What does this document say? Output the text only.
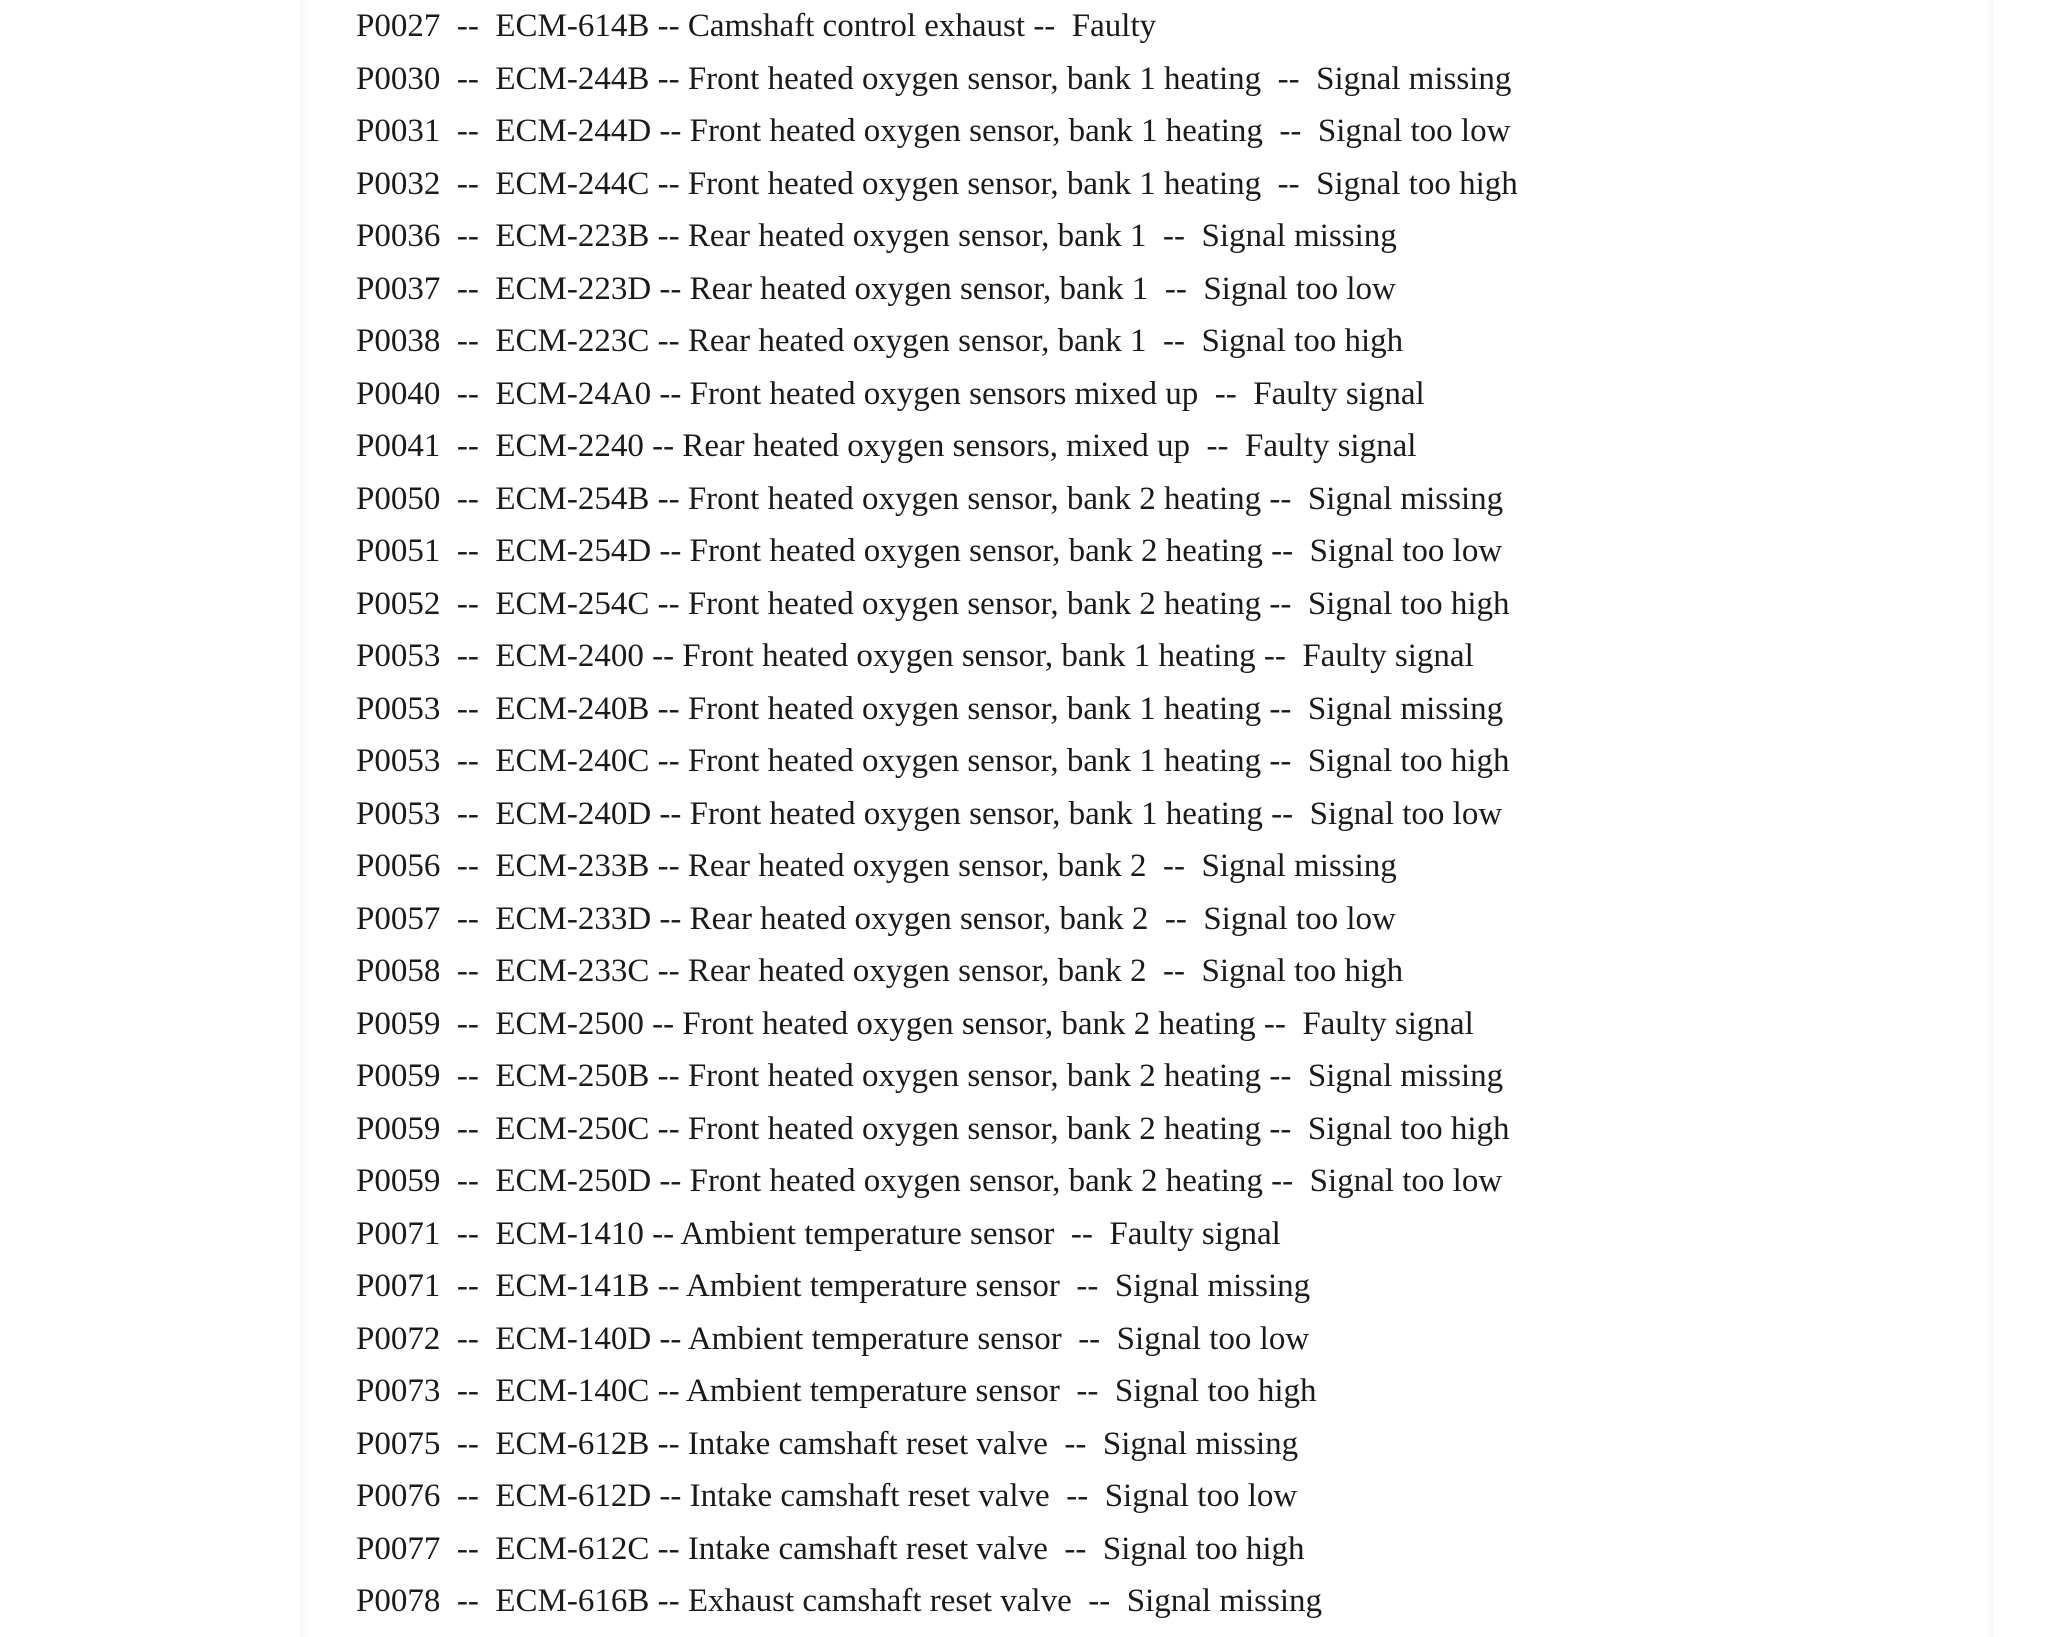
P0027  --  ECM-614B -- Camshaft control exhaust --  Faulty
P0030  --  ECM-244B -- Front heated oxygen sensor, bank 1 heating  --  Signal missing
P0031  --  ECM-244D -- Front heated oxygen sensor, bank 1 heating  --  Signal too low
P0032  --  ECM-244C -- Front heated oxygen sensor, bank 1 heating  --  Signal too high
P0036  --  ECM-223B -- Rear heated oxygen sensor, bank 1  --  Signal missing
P0037  --  ECM-223D -- Rear heated oxygen sensor, bank 1  --  Signal too low
P0038  --  ECM-223C -- Rear heated oxygen sensor, bank 1  --  Signal too high
P0040  --  ECM-24A0 -- Front heated oxygen sensors mixed up  --  Faulty signal
P0041  --  ECM-2240 -- Rear heated oxygen sensors, mixed up  --  Faulty signal
P0050  --  ECM-254B -- Front heated oxygen sensor, bank 2 heating --  Signal missing
P0051  --  ECM-254D -- Front heated oxygen sensor, bank 2 heating --  Signal too low
P0052  --  ECM-254C -- Front heated oxygen sensor, bank 2 heating --  Signal too high
P0053  --  ECM-2400 -- Front heated oxygen sensor, bank 1 heating --  Faulty signal
P0053  --  ECM-240B -- Front heated oxygen sensor, bank 1 heating --  Signal missing
P0053  --  ECM-240C -- Front heated oxygen sensor, bank 1 heating --  Signal too high
P0053  --  ECM-240D -- Front heated oxygen sensor, bank 1 heating --  Signal too low
P0056  --  ECM-233B -- Rear heated oxygen sensor, bank 2  --  Signal missing
P0057  --  ECM-233D -- Rear heated oxygen sensor, bank 2  --  Signal too low
P0058  --  ECM-233C -- Rear heated oxygen sensor, bank 2  --  Signal too high
P0059  --  ECM-2500 -- Front heated oxygen sensor, bank 2 heating --  Faulty signal
P0059  --  ECM-250B -- Front heated oxygen sensor, bank 2 heating --  Signal missing
P0059  --  ECM-250C -- Front heated oxygen sensor, bank 2 heating --  Signal too high
P0059  --  ECM-250D -- Front heated oxygen sensor, bank 2 heating --  Signal too low
P0071  --  ECM-1410 -- Ambient temperature sensor  --  Faulty signal
P0071  --  ECM-141B -- Ambient temperature sensor  --  Signal missing
P0072  --  ECM-140D -- Ambient temperature sensor  --  Signal too low
P0073  --  ECM-140C -- Ambient temperature sensor  --  Signal too high
P0075  --  ECM-612B -- Intake camshaft reset valve  --  Signal missing
P0076  --  ECM-612D -- Intake camshaft reset valve  --  Signal too low
P0077  --  ECM-612C -- Intake camshaft reset valve  --  Signal too high
P0078  --  ECM-616B -- Exhaust camshaft reset valve  --  Signal missing
